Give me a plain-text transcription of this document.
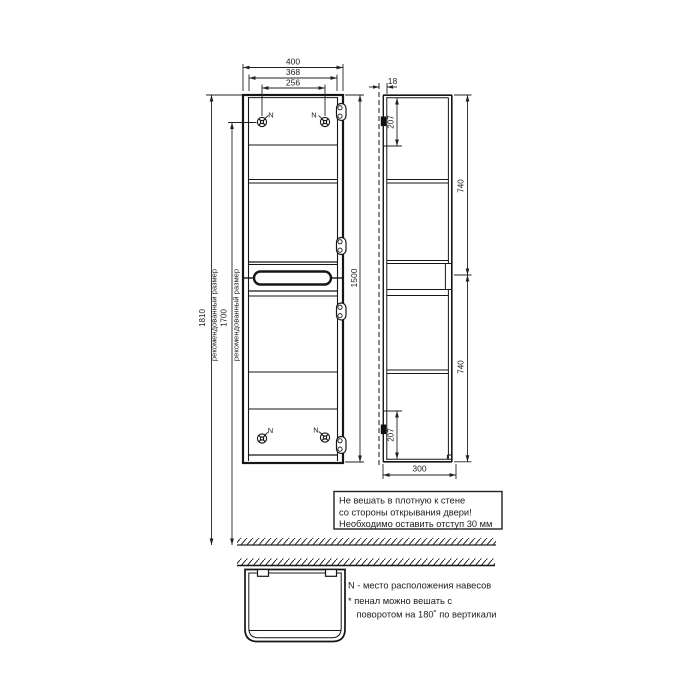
Не вешать в плотную к стене
со стороны открывания двери!
Необходимо оставить отступ 30 мм
N - место расположения навесов
* пенал можно вешать с
поворотом на 180˚ по вертикали
400
368
256	18
300
1500
207
207
740
740
1810 рекомендованный размер 1700 рекомендованный размер
N	N
N	N
